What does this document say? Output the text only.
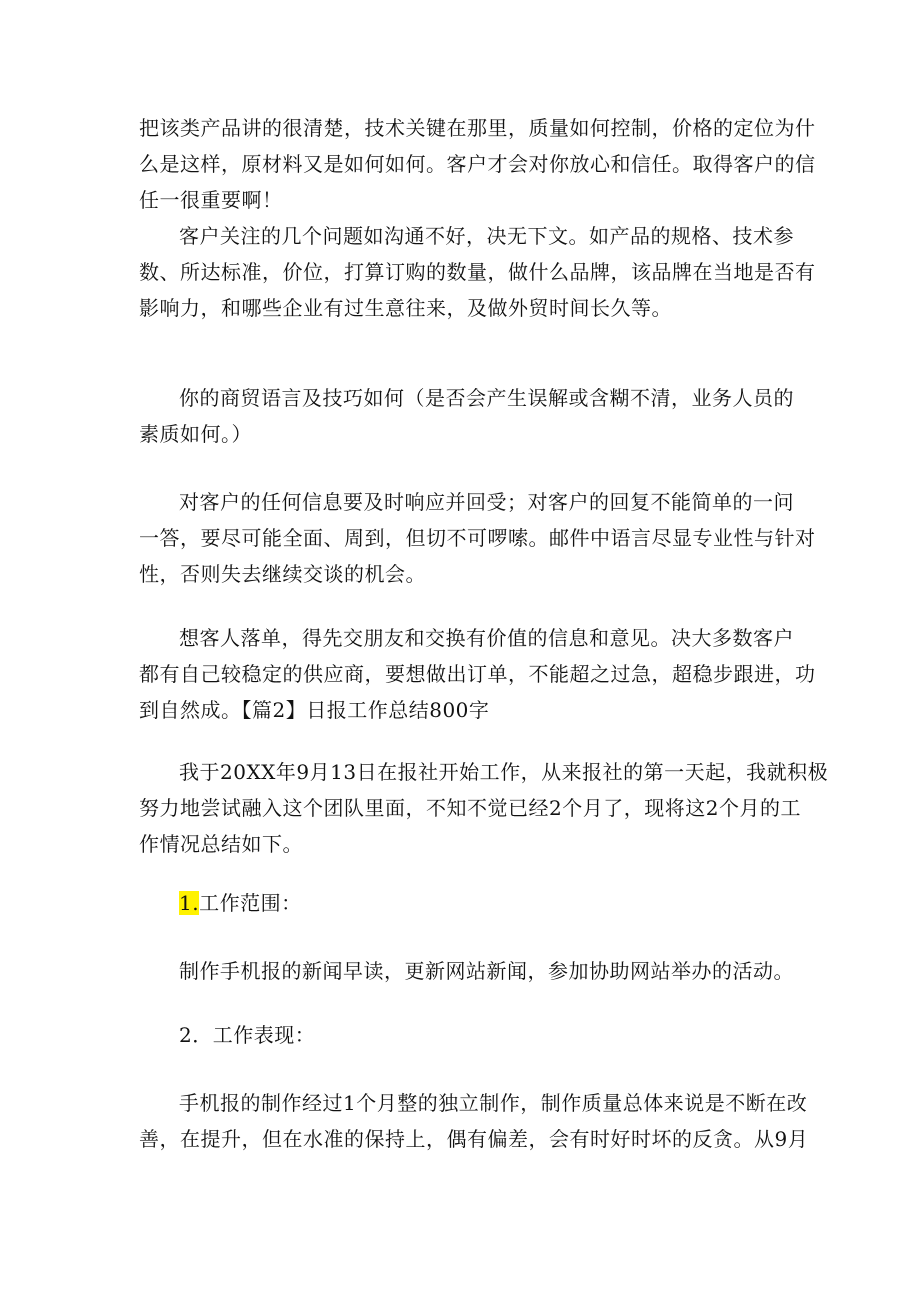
把该类产品讲的很清楚，技术关键在那里，质量如何控制，价格的定位为什
么是这样，原材料又是如何如何。客户才会对你放心和信任。取得客户的信
任一很重要啊！

客户关注的几个问题如沟通不好，决无下文。如产品的规格、技术参
数、所达标准，价位，打算订购的数量，做什么品牌，该品牌在当地是否有
影响力，和哪些企业有过生意往来，及做外贸时间长久等。

你的商贸语言及技巧如何（是否会产生误解或含糊不清，业务人员的
素质如何。）

对客户的任何信息要及时响应并回受；对客户的回复不能简单的一问
一答，要尽可能全面、周到，但切不可啰嗦。邮件中语言尽显专业性与针对
性，否则失去继续交谈的机会。

想客人落单，得先交朋友和交换有价值的信息和意见。决大多数客户
都有自己较稳定的供应商，要想做出订单，不能超之过急，超稳步跟进，功
到自然成。【篇2】日报工作总结800字

我于20XX年9月13日在报社开始工作，从来报社的第一天起，我就积极
努力地尝试融入这个团队里面，不知不觉已经2个月了，现将这2个月的工
作情况总结如下。

1.工作范围：

制作手机报的新闻早读，更新网站新闻，参加协助网站举办的活动。

2．工作表现：

手机报的制作经过1个月整的独立制作，制作质量总体来说是不断在改
善，在提升，但在水准的保持上，偶有偏差，会有时好时坏的反贪。从9月
